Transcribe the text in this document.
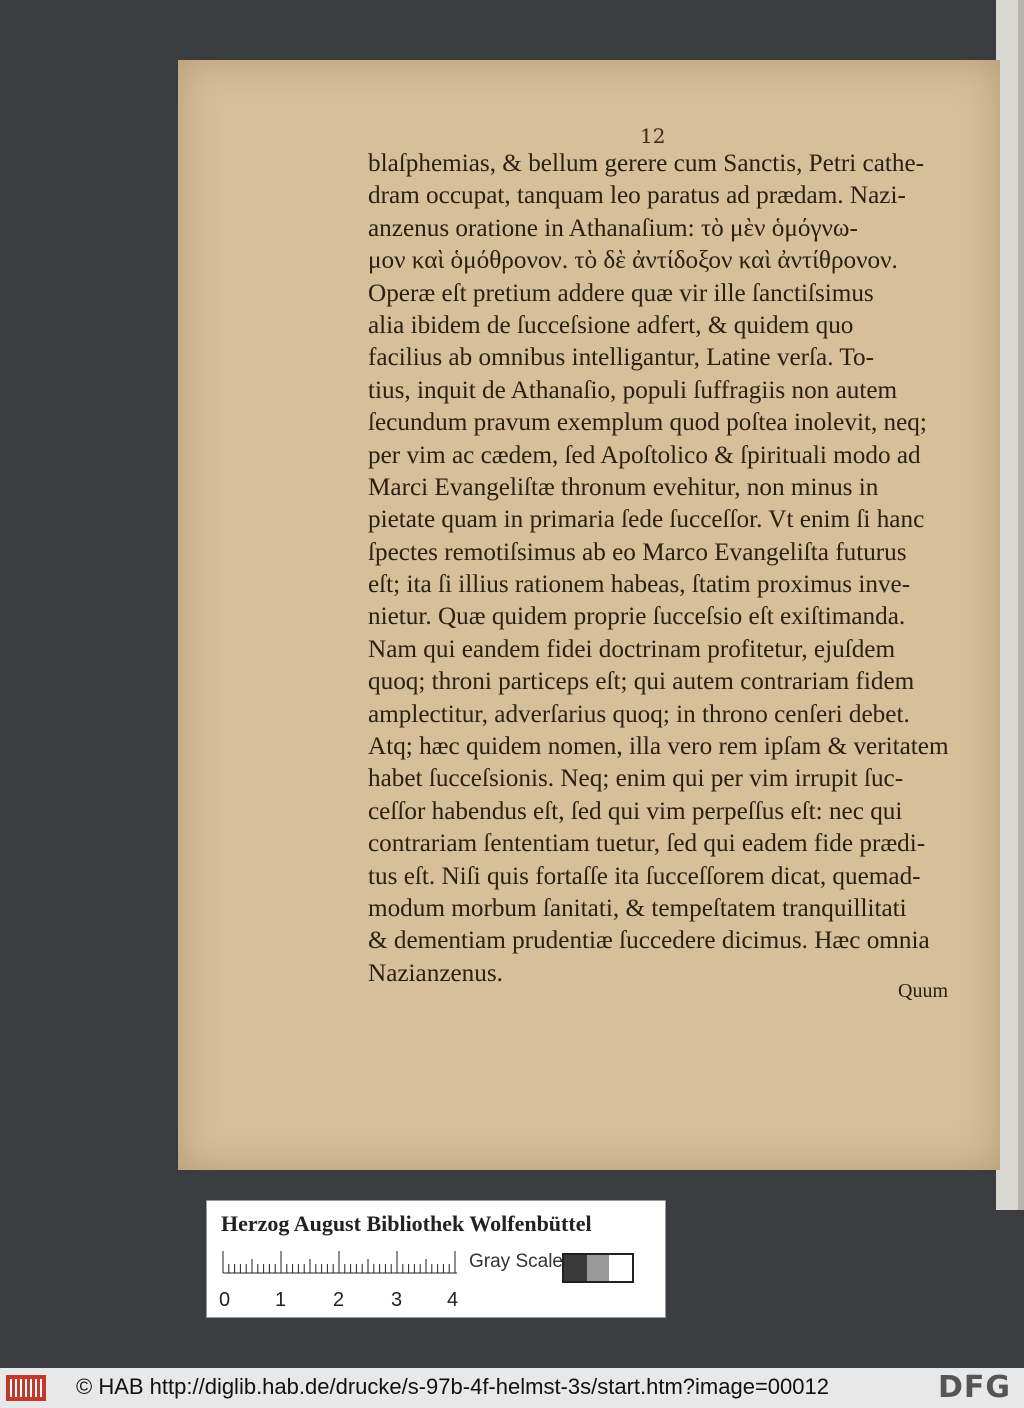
12
blaſphemias, & bellum gerere cum Sanctis, Petri cathe-
dram occupat, tanquam leo paratus ad prædam. Nazi-
anzenus oratione in Athanaſium: τὸ μὲν ὁμόγνω-
μον καὶ ὁμόθρονον. τὸ δὲ ἀντίδοξον καὶ ἀντίθρονον.
Operæ eſt pretium addere quæ vir ille ſanctiſsimus
alia ibidem de ſucceſsione adfert, & quidem quo
facilius ab omnibus intelligantur, Latine verſa. To-
tius, inquit de Athanaſio, populi ſuffragiis non autem
ſecundum pravum exemplum quod poſtea inolevit, neq;
per vim ac cædem, ſed Apoſtolico & ſpirituali modo ad
Marci Evangeliſtæ thronum evehitur, non minus in
pietate quam in primaria ſede ſucceſſor. Vt enim ſi hanc
ſpectes remotiſsimus ab eo Marco Evangeliſta futurus
eſt; ita ſi illius rationem habeas, ſtatim proximus inve-
nietur. Quæ quidem proprie ſucceſsio eſt exiſtimanda.
Nam qui eandem fidei doctrinam profitetur, ejuſdem
quoq; throni particeps eſt; qui autem contrariam fidem
amplectitur, adverſarius quoq; in throno cenſeri debet.
Atq; hæc quidem nomen, illa vero rem ipſam & veritatem
habet ſucceſsionis. Neq; enim qui per vim irrupit ſuc-
ceſſor habendus eſt, ſed qui vim perpeſſus eſt: nec qui
contrariam ſententiam tuetur, ſed qui eadem fide prædi-
tus eſt. Niſi quis fortaſſe ita ſucceſſorem dicat, quemad-
modum morbum ſanitati, & tempeſtatem tranquillitati
& dementiam prudentiæ ſuccedere dicimus. Hæc omnia
Nazianzenus.
Quum
Herzog August Bibliothek Wolfenbüttel
0 1 2 3 4
Gray Scale
© HAB http://diglib.hab.de/drucke/s-97b-4f-helmst-3s/start.htm?image=00012	DFG
